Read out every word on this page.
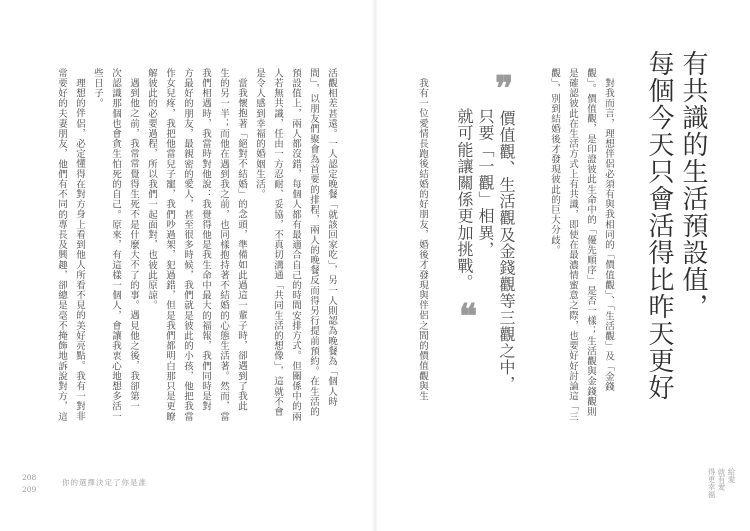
活觀相差甚遠。一人認定晚餐「就該回家吃」，另一人則認為晚餐為「個人時
間」，以朋友們聚會為首要的排程，兩人的晚餐反而得另行提前預約。在生活的
預設值上，兩人都沒錯，每個人都有最適合自己的時間安排方式。但關係中的兩
人若無共識，任由一方忍耐、妥協，不真切溝通「共同生活的想像」，這就不會
是令人感到幸福的婚姻生活。
當我懷抱著「絕對不結婚」的念頭，準備如此過這一輩子時，卻遇到了我此
生的另一半；而他在遇到我之前，也同樣抱持著不結婚的心態生活著。然而，當
我們相遇時，我當時對他說：我覺得他是我生命中最大的福報，我們同時是對
方最好的朋友，最親密的愛人，甚至很多時候，我們就是彼此的小孩，他把我當
作女兒疼，我把他當兒子寵，我們吵過架，犯過錯，但是我們都明白那只是更瞭
解彼此的必要過程，所以我們一起面對，也彼此原諒。
遇到他之前，我常常覺得生死不是什麼大不了的事。遇見他之後，我卻第一
次認識那個也會貪生怕死的自己。原來，有這樣一個人，會讓我衷心地想多活一
些日子。
理想的伴侶，必定懂得在對方身上看到他人所看不見的美好亮點。我有一對非
常要好的夫妻朋友，他們有不同的專長及興趣，卻總是毫不掩飾地訴說對方，這
208
209
你的選擇決定了你是誰
有共識的生活預設值，
每個今天只會活得比昨天更好
對我而言，理想伴侶必須有與我相同的「價值觀」、「生活觀」及「金錢
觀」。價值觀，是印證彼此生命中的「優先順序」是否一樣；生活觀與金錢觀則
是確認彼此在生活方式上有共識，即使在最濃情蜜意之際，也要好好討論這「三
觀」，別到結婚後才發現彼此的巨大分歧。
❞
價值觀、生活觀及金錢觀等三觀之中，
只要「一觀」相異，
就可能讓關係更加挑戰。
❝
我有一位愛情長跑後結婚的好朋友，婚後才發現與伴侶之間的價值觀與生
給愛
就有愛
得更幸福
